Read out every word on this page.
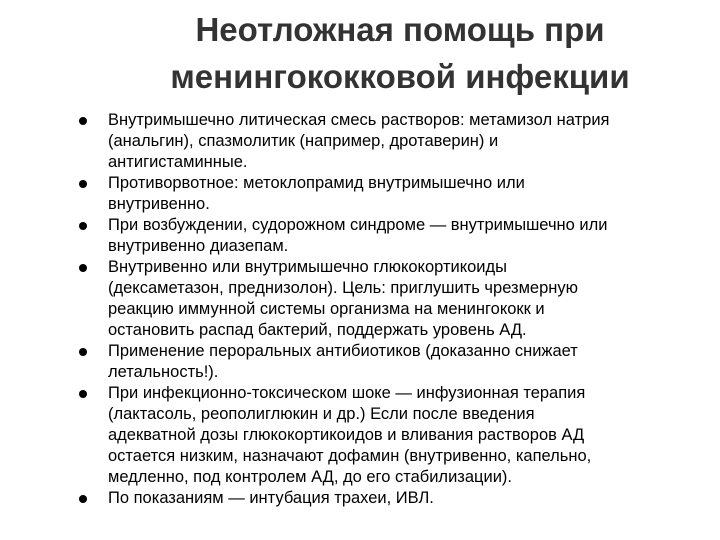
Неотложная помощь при
менингококковой инфекции
Внутримышечно литическая смесь растворов: метамизол натрия
(анальгин), спазмолитик (например, дротаверин) и
антигистаминные.
Противорвотное: метоклопрамид внутримышечно или
внутривенно.
При возбуждении, судорожном синдроме — внутримышечно или
внутривенно диазепам.
Внутривенно или внутримышечно глюкокортикоиды
(дексаметазон, преднизолон). Цель: приглушить чрезмерную
реакцию иммунной системы организма на менингококк и
остановить распад бактерий, поддержать уровень АД.
Применение пероральных антибиотиков (доказанно снижает
летальность!).
При инфекционно-токсическом шоке — инфузионная терапия
(лактасоль, реополиглюкин и др.) Если после введения
адекватной дозы глюкокортикоидов и вливания растворов АД
остается низким, назначают дофамин (внутривенно, капельно,
медленно, под контролем АД, до его стабилизации).
По показаниям — интубация трахеи, ИВЛ.
